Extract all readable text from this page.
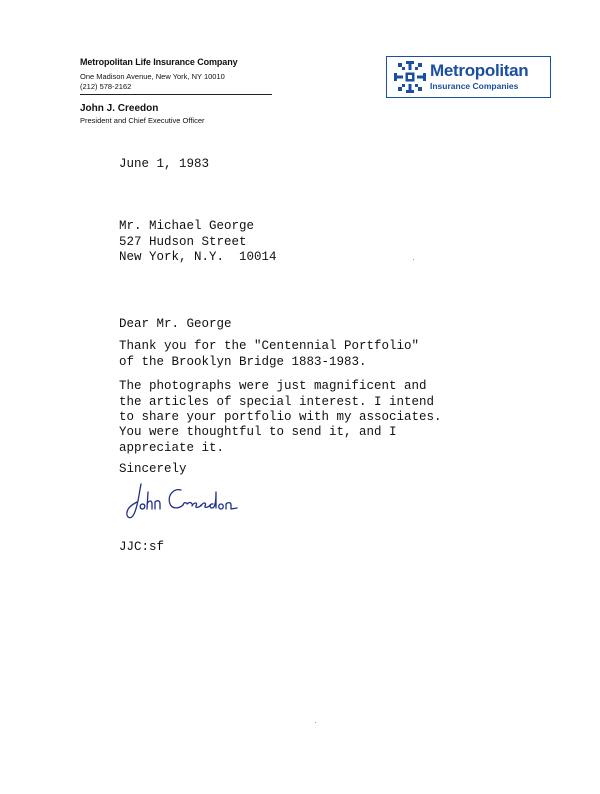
Metropolitan Life Insurance Company
One Madison Avenue, New York, NY 10010
(212) 578-2162
John J. Creedon
President and Chief Executive Officer
Metropolitan
Insurance Companies
June 1, 1983
Mr. Michael George
527 Hudson Street
New York, N.Y.  10014
Dear Mr. George
Thank you for the "Centennial Portfolio"
of the Brooklyn Bridge 1883-1983.
The photographs were just magnificent and
the articles of special interest. I intend
to share your portfolio with my associates.
You were thoughtful to send it, and I
appreciate it.
Sincerely
JJC:sf
